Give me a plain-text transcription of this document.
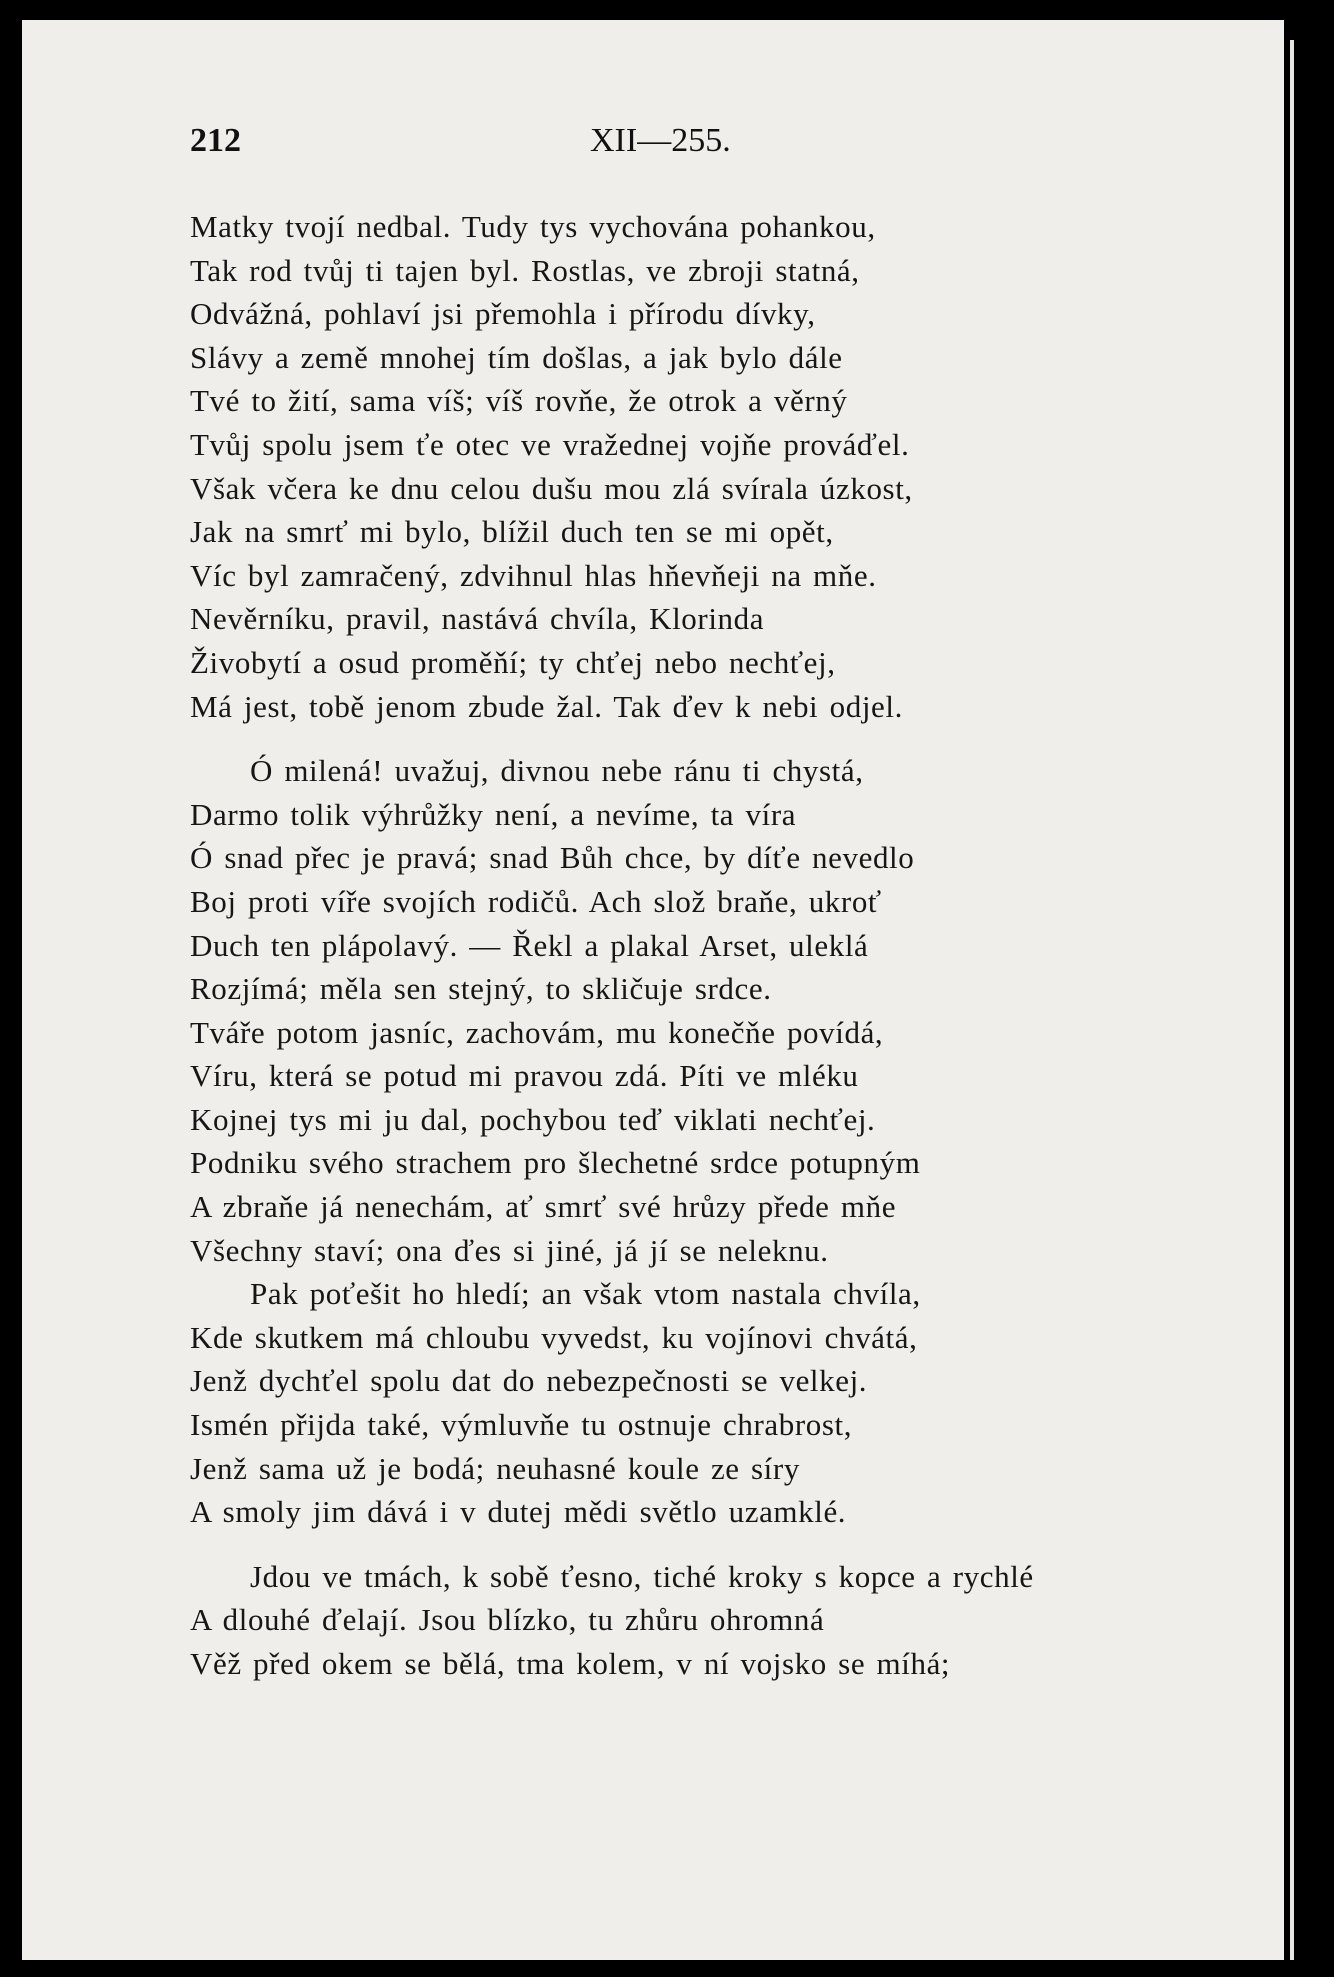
212	XII—255.
Matky tvojí nedbal. Tudy tys vychována pohankou,
Tak rod tvůj ti tajen byl. Rostlas, ve zbroji statná,
Odvážná, pohlaví jsi přemohla i přírodu dívky,
Slávy a země mnohej tím došlas, a jak bylo dále
Tvé to žití, sama víš; víš rovňe, že otrok a věrný
Tvůj spolu jsem ťe otec ve vražednej vojňe prováďel.
Však včera ke dnu celou dušu mou zlá svírala úzkost,
Jak na smrť mi bylo, blížil duch ten se mi opět,
Víc byl zamračený, zdvihnul hlas hňevňeji na mňe.
Nevěrníku, pravil, nastává chvíla, Klorinda
Živobytí a osud proměňí; ty chťej nebo nechťej,
Má jest, tobě jenom zbude žal. Tak ďev k nebi odjel.
Ó milená! uvažuj, divnou nebe ránu ti chystá,
Darmo tolik výhrůžky není, a nevíme, ta víra
Ó snad přec je pravá; snad Bůh chce, by díťe nevedlo
Boj proti víře svojích rodičů. Ach slož braňe, ukroť
Duch ten plápolavý. — Řekl a plakal Arset, uleklá
Rozjímá; měla sen stejný, to skličuje srdce.
Tváře potom jasníc, zachovám, mu konečňe povídá,
Víru, která se potud mi pravou zdá. Píti ve mléku
Kojnej tys mi ju dal, pochybou teď viklati nechťej.
Podniku svého strachem pro šlechetné srdce potupným
A zbraňe já nenechám, ať smrť své hrůzy přede mňe
Všechny staví; ona ďes si jiné, já jí se neleknu.
Pak poťešit ho hledí; an však vtom nastala chvíla,
Kde skutkem má chloubu vyvedst, ku vojínovi chvátá,
Jenž dychťel spolu dat do nebezpečnosti se velkej.
Ismén přijda také, výmluvňe tu ostnuje chrabrost,
Jenž sama už je bodá; neuhasné koule ze síry
A smoly jim dává i v dutej mědi světlo uzamklé.
Jdou ve tmách, k sobě ťesno, tiché kroky s kopce a rychlé
A dlouhé ďelají. Jsou blízko, tu zhůru ohromná
Věž před okem se bělá, tma kolem, v ní vojsko se míhá;
